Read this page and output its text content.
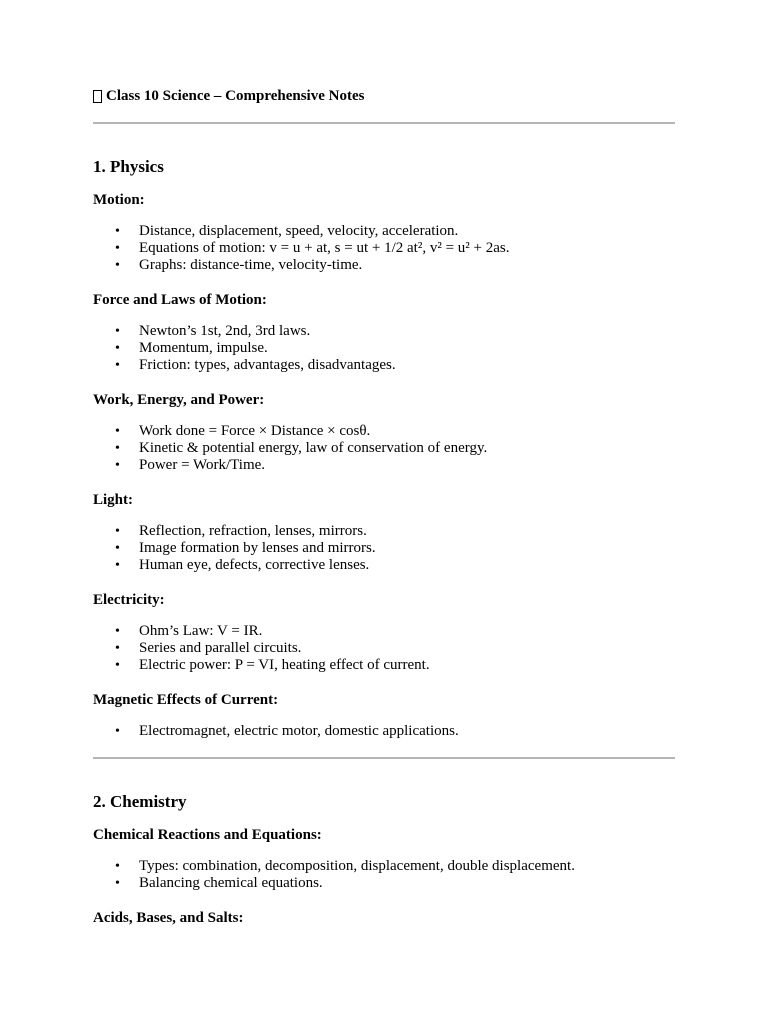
Class 10 Science – Comprehensive Notes

1. Physics
Motion:
• Distance, displacement, speed, velocity, acceleration.
• Equations of motion: v = u + at, s = ut + 1/2 at², v² = u² + 2as.
• Graphs: distance-time, velocity-time.
Force and Laws of Motion:
• Newton’s 1st, 2nd, 3rd laws.
• Momentum, impulse.
• Friction: types, advantages, disadvantages.
Work, Energy, and Power:
• Work done = Force × Distance × cosθ.
• Kinetic & potential energy, law of conservation of energy.
• Power = Work/Time.
Light:
• Reflection, refraction, lenses, mirrors.
• Image formation by lenses and mirrors.
• Human eye, defects, corrective lenses.
Electricity:
• Ohm’s Law: V = IR.
• Series and parallel circuits.
• Electric power: P = VI, heating effect of current.
Magnetic Effects of Current:
• Electromagnet, electric motor, domestic applications.
2. Chemistry
Chemical Reactions and Equations:
• Types: combination, decomposition, displacement, double displacement.
• Balancing chemical equations.
Acids, Bases, and Salts:
